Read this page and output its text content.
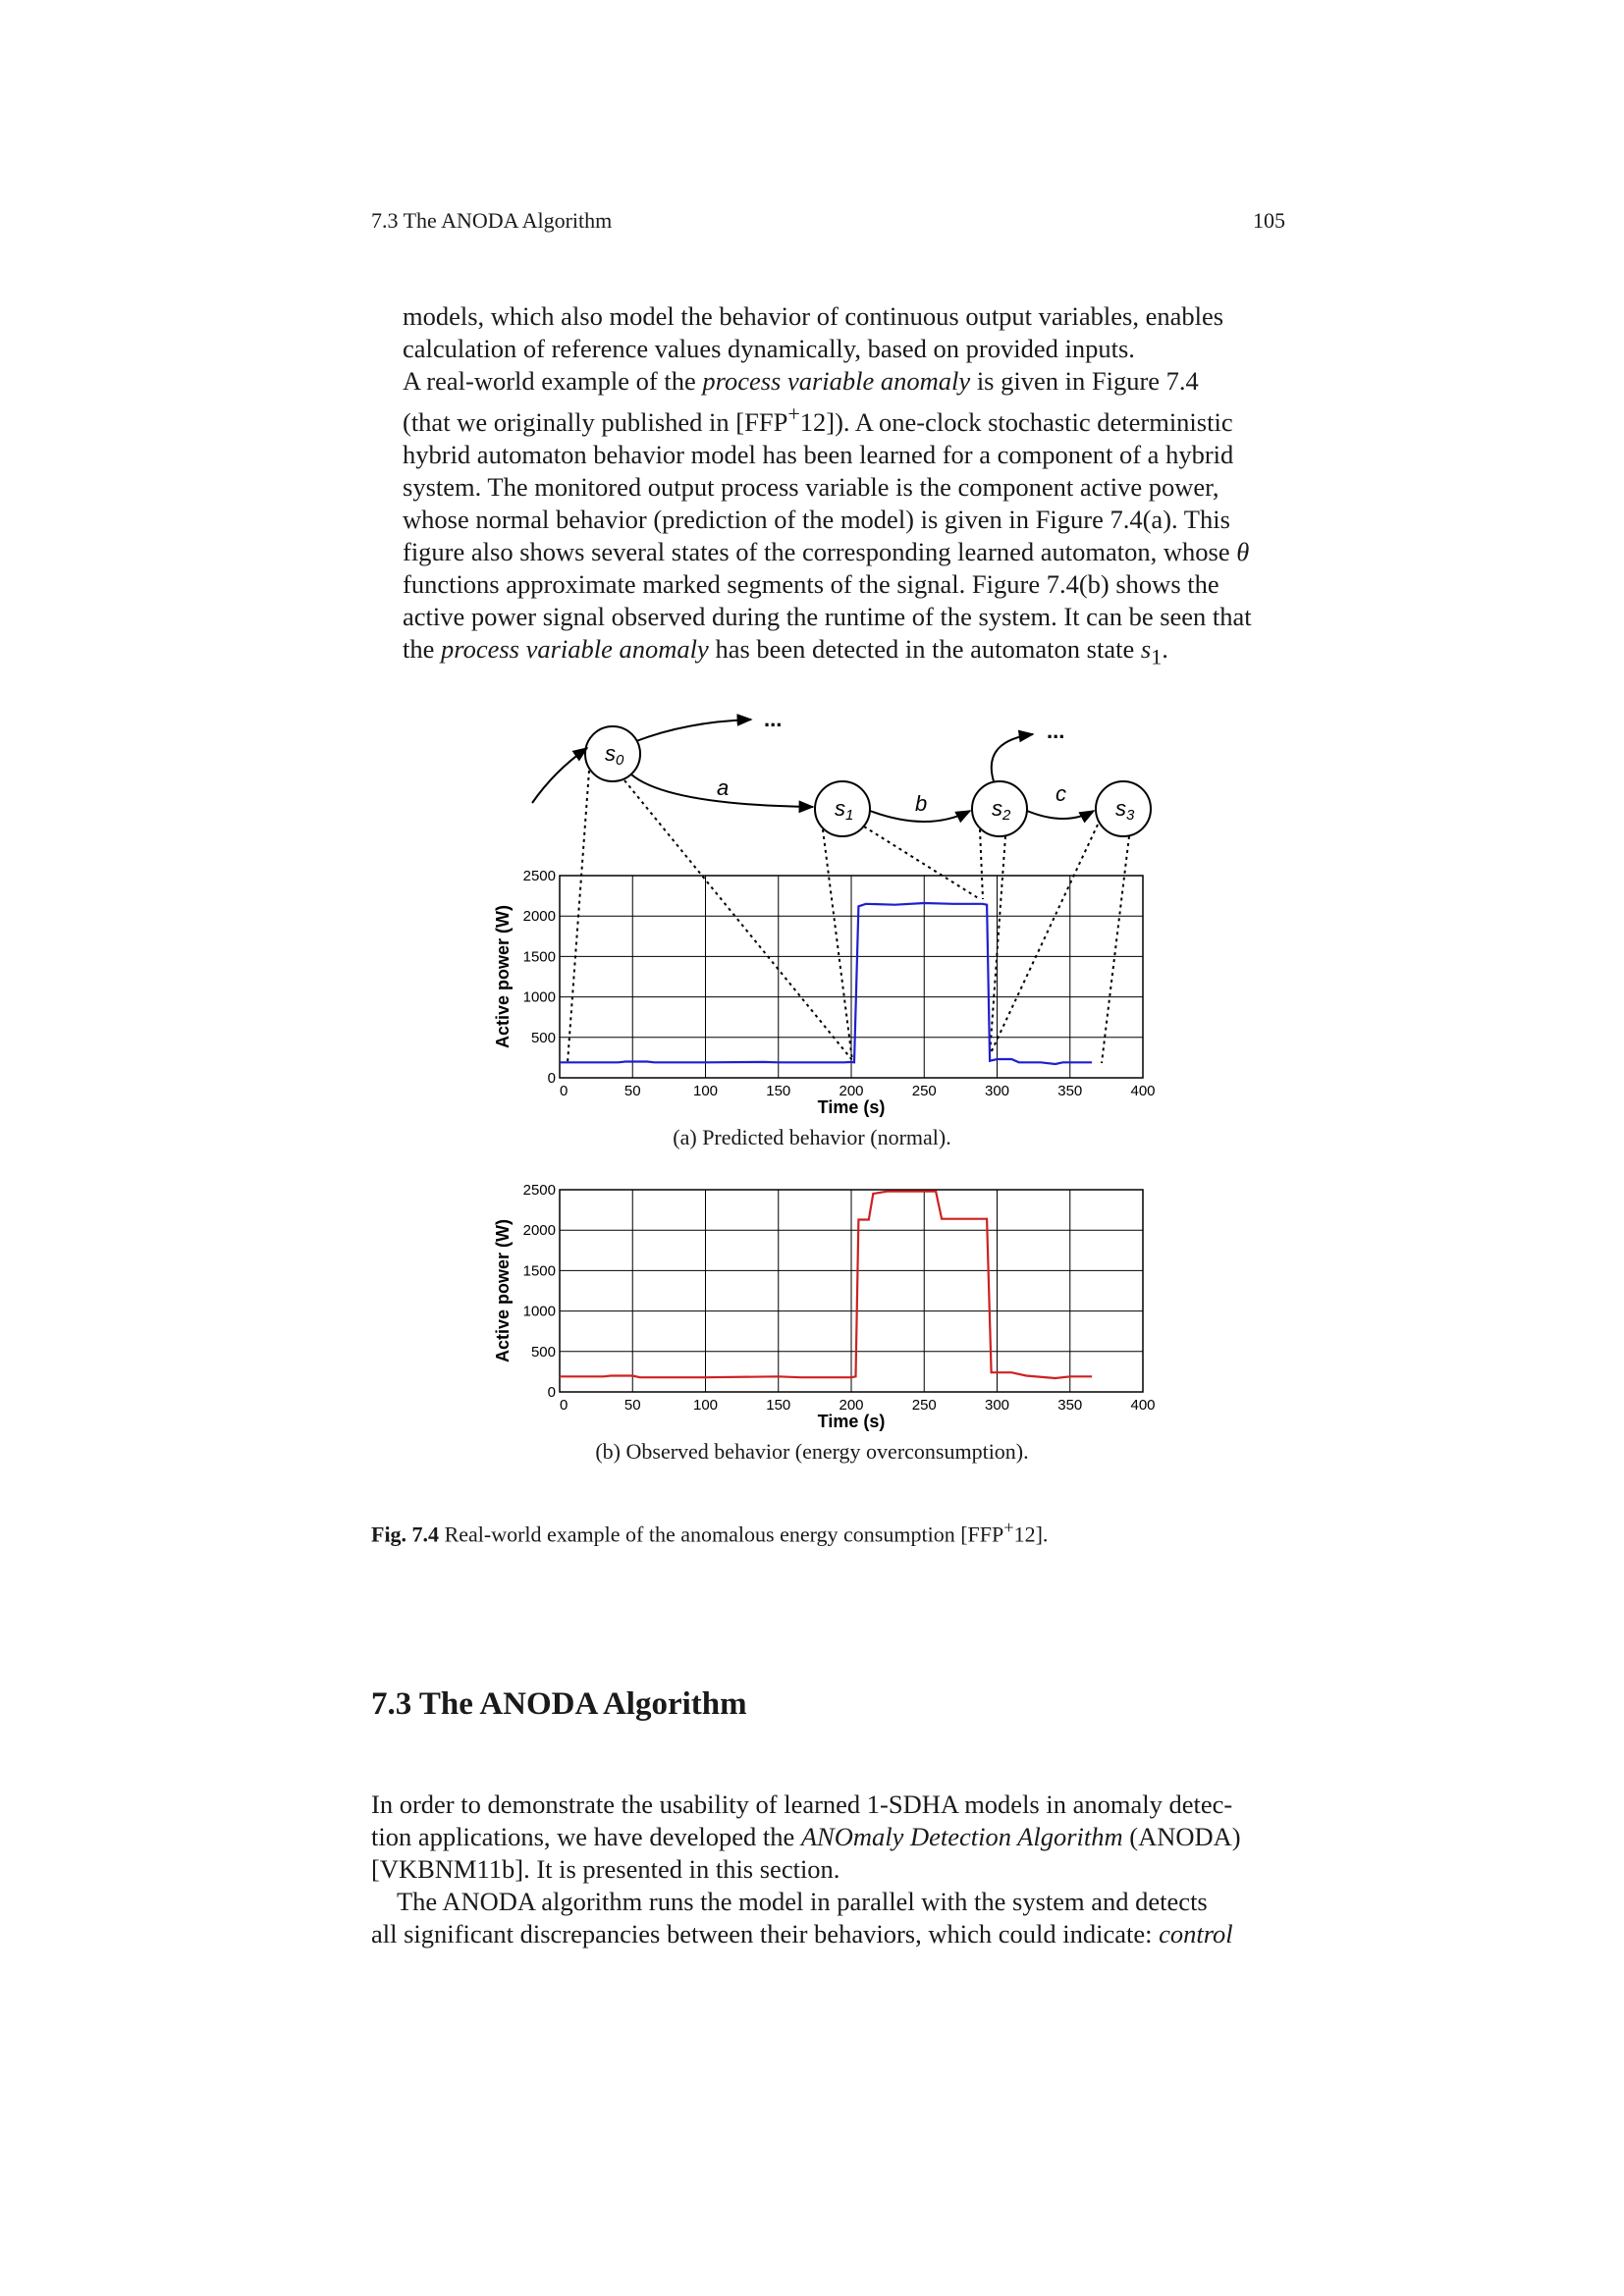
7.3 The ANODA Algorithm	105

models, which also model the behavior of continuous output variables, enables

calculation of reference values dynamically, based on provided inputs.

A real-world example of the process variable anomaly is given in Figure 7.4

(that we originally published in [FFP+12]). A one-clock stochastic deterministic

hybrid automaton behavior model has been learned for a component of a hybrid

system. The monitored output process variable is the component active power,

whose normal behavior (prediction of the model) is given in Figure 7.4(a). This

figure also shows several states of the corresponding learned automaton, whose θ

functions approximate marked segments of the signal. Figure 7.4(b) shows the

active power signal observed during the runtime of the system. It can be seen that

the process variable anomaly has been detected in the automaton state $s_1$.

s0
s1	s2	s3
...
a
b	c
...
0	50	100	150	200	250	300	350	400
0
500
1000
1500
2000
2500
Time (s)
Active power (W)
0	50	100	150	200	250	300	350	400
0
500
1000
1500
2000
2500
Time (s)
Active power (W)
(a) Predicted behavior (normal).
(b) Observed behavior (energy overconsumption).
Fig. 7.4 Real-world example of the anomalous energy consumption [FFP+12].
7.3 The ANODA Algorithm

In order to demonstrate the usability of learned 1-SDHA models in anomaly detec-

tion applications, we have developed the ANOmaly Detection Algorithm (ANODA)

[VKBNM11b]. It is presented in this section.

The ANODA algorithm runs the model in parallel with the system and detects

all significant discrepancies between their behaviors, which could indicate: control
